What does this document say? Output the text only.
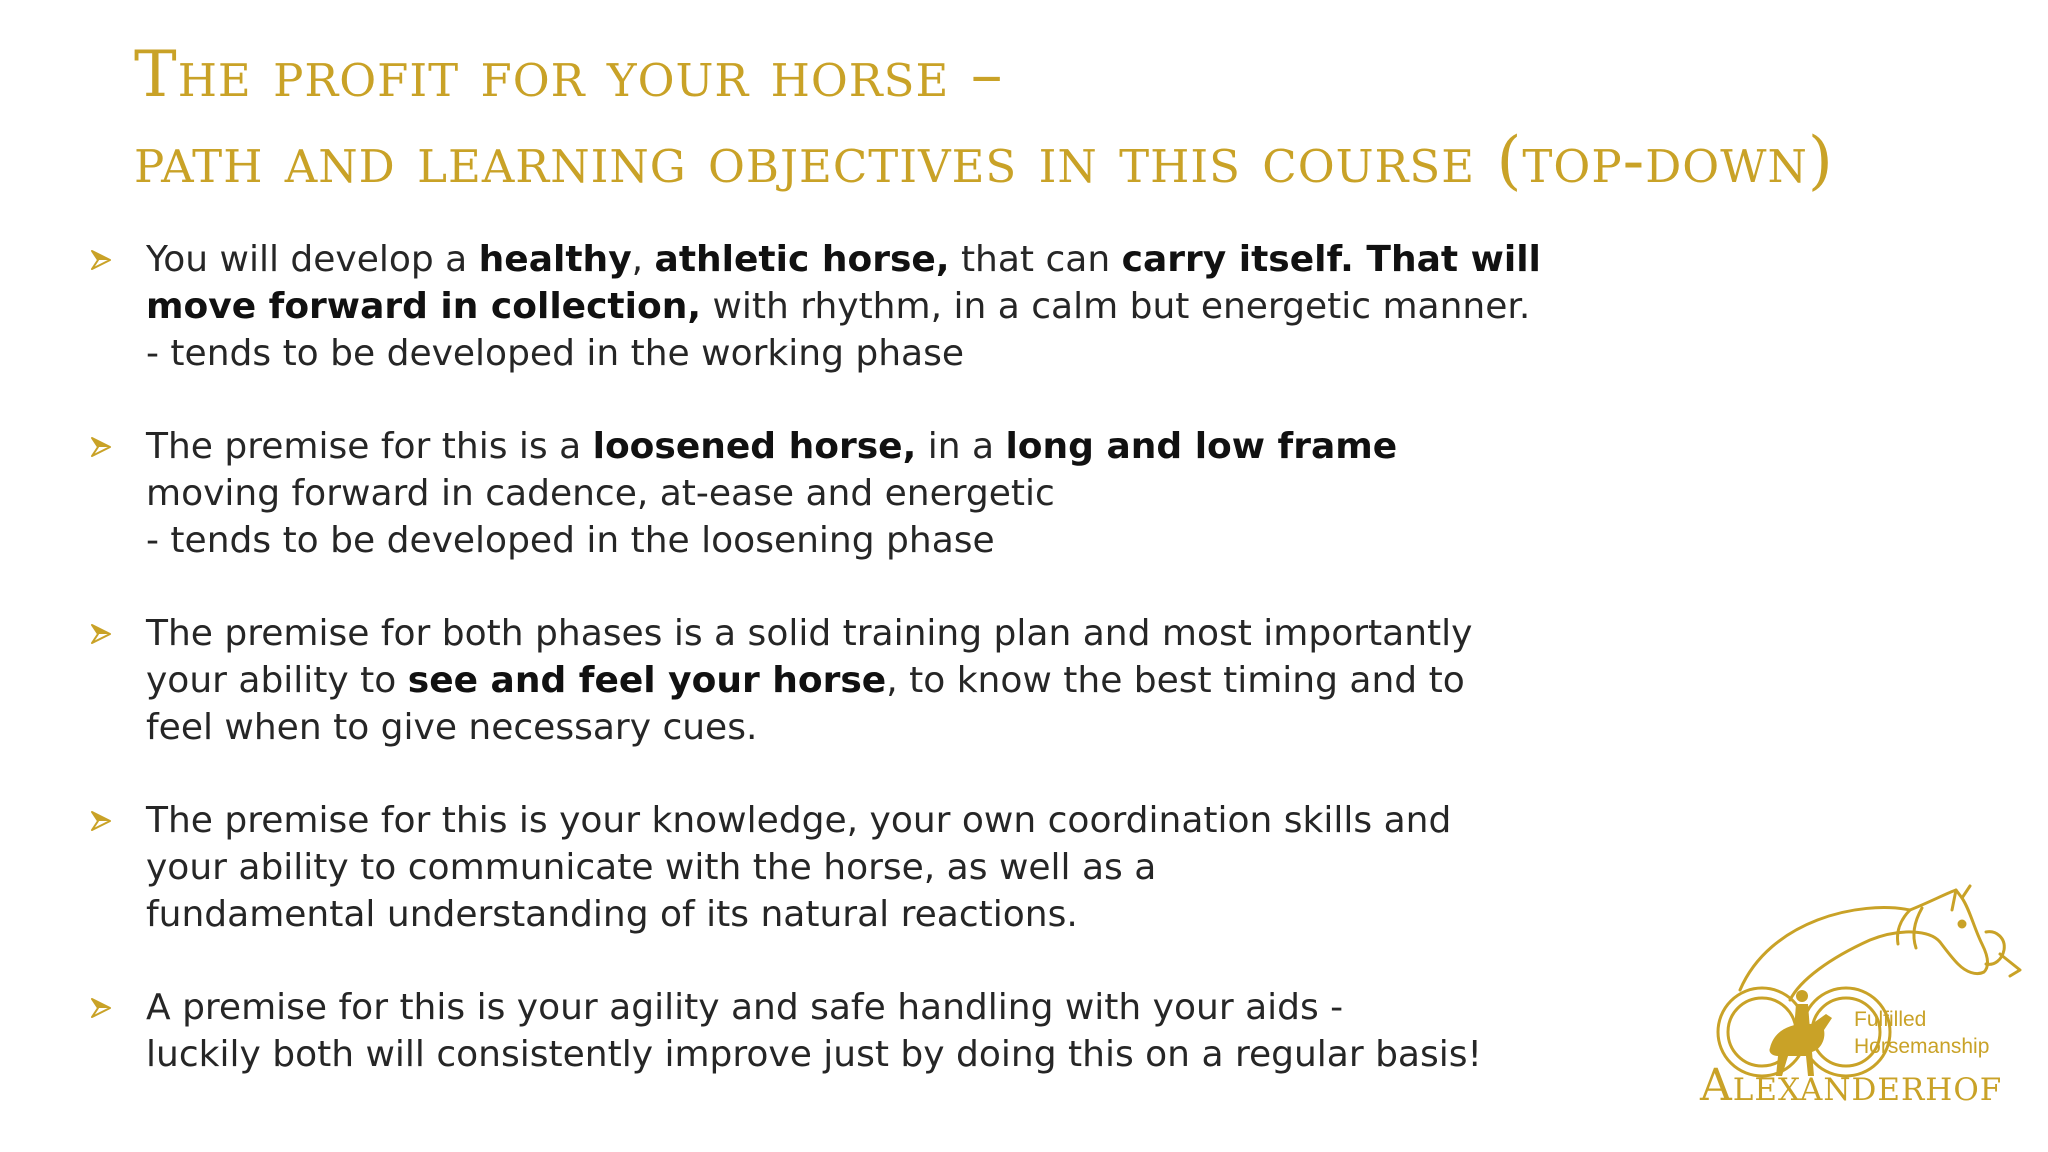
The profit for your horse –
path and learning objectives in this course (top-down)
You will develop a healthy, athletic horse, that can carry itself. That will
move forward in collection, with rhythm, in a calm but energetic manner.
- tends to be developed in the working phase
The premise for this is a loosened horse, in a long and low frame
moving forward in cadence, at-ease and energetic
- tends to be developed in the loosening phase
The premise for both phases is a solid training plan and most importantly
your ability to see and feel your horse, to know the best timing and to
feel when to give necessary cues.
The premise for this is your knowledge, your own coordination skills and
your ability to communicate with the horse, as well as a
fundamental understanding of its natural reactions.
A premise for this is your agility and safe handling with your aids -
luckily both will consistently improve just by doing this on a regular basis!
Fulfilled
Horsemanship
Alexanderhof
